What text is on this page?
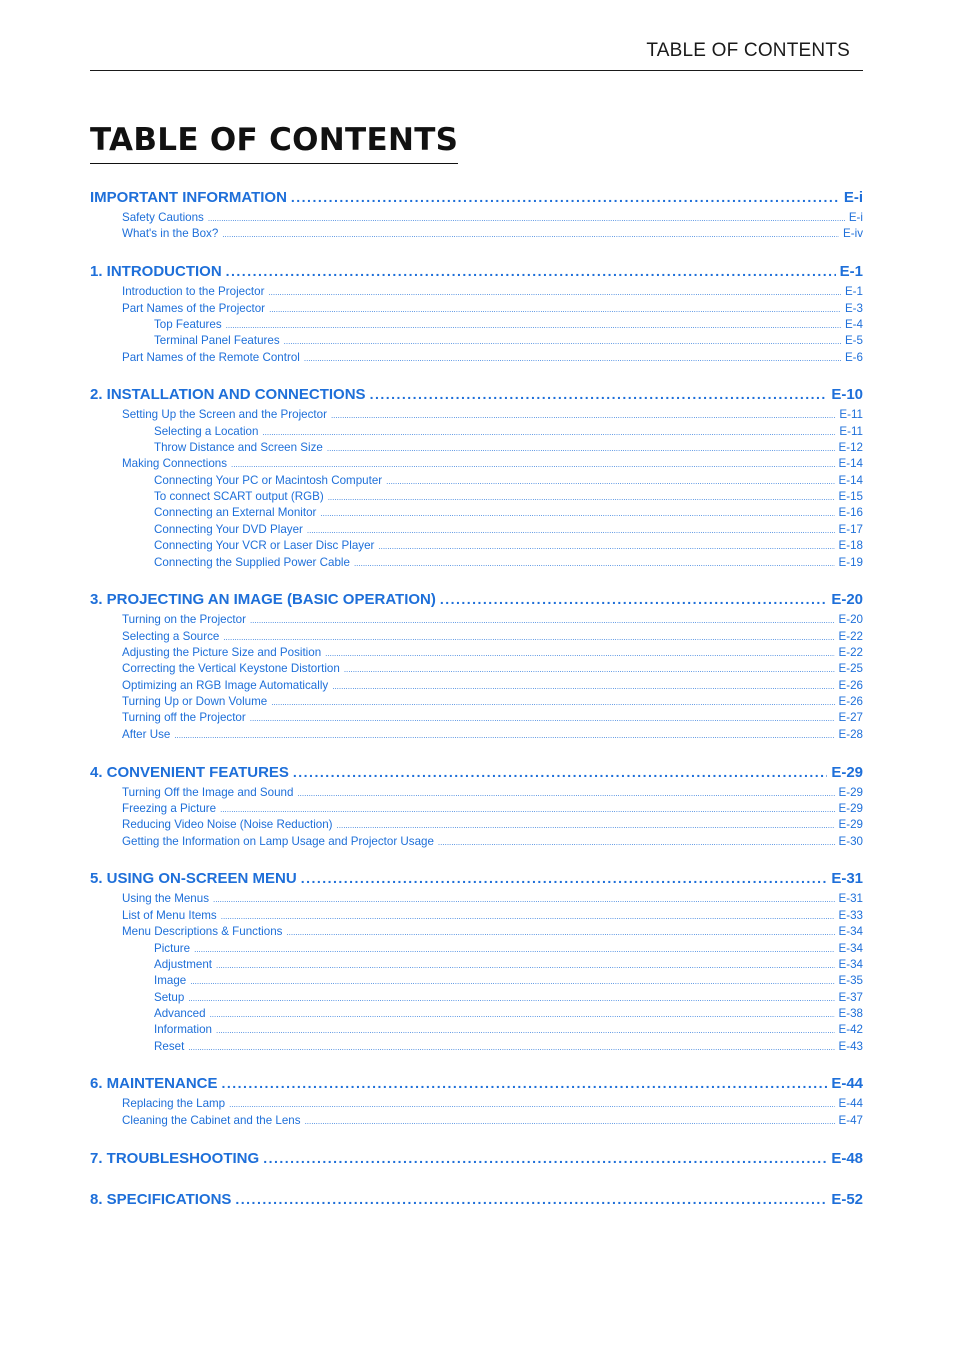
TABLE OF CONTENTS
TABLE OF CONTENTS
IMPORTANT INFORMATION . . .	E-i
Safety Cautions .....	E-i
What's in the Box? .....	E-iv
1. INTRODUCTION . . .	E-1
Introduction to the Projector .....	E-1
Part Names of the Projector .....	E-3
Top Features .....	E-4
Terminal Panel Features .....	E-5
Part Names of the Remote Control .....	E-6
2. INSTALLATION AND CONNECTIONS . . .	E-10
Setting Up the Screen and the Projector .....	E-11
Selecting a Location .....	E-11
Throw Distance and Screen Size .....	E-12
Making Connections .....	E-14
Connecting Your PC or Macintosh Computer .....	E-14
To connect SCART output (RGB) .....	E-15
Connecting an External Monitor .....	E-16
Connecting Your DVD Player .....	E-17
Connecting Your VCR or Laser Disc Player .....	E-18
Connecting the Supplied Power Cable .....	E-19
3. PROJECTING AN IMAGE (BASIC OPERATION) . . .	E-20
Turning on the Projector .....	E-20
Selecting a Source .....	E-22
Adjusting the Picture Size and Position .....	E-22
Correcting the Vertical Keystone Distortion .....	E-25
Optimizing an RGB Image Automatically .....	E-26
Turning Up or Down Volume .....	E-26
Turning off the Projector .....	E-27
After Use .....	E-28
4. CONVENIENT FEATURES . . .	E-29
Turning Off the Image and Sound .....	E-29
Freezing a Picture .....	E-29
Reducing Video Noise (Noise Reduction) .....	E-29
Getting the Information on Lamp Usage and Projector Usage .....	E-30
5. USING ON-SCREEN MENU . . .	E-31
Using the Menus .....	E-31
List of Menu Items .....	E-33
Menu Descriptions & Functions .....	E-34
Picture .....	E-34
Adjustment .....	E-34
Image .....	E-35
Setup .....	E-37
Advanced .....	E-38
Information .....	E-42
Reset .....	E-43
6. MAINTENANCE . . .	E-44
Replacing the Lamp .....	E-44
Cleaning the Cabinet and the Lens .....	E-47
7. TROUBLESHOOTING . . .	E-48
8. SPECIFICATIONS . . .	E-52
